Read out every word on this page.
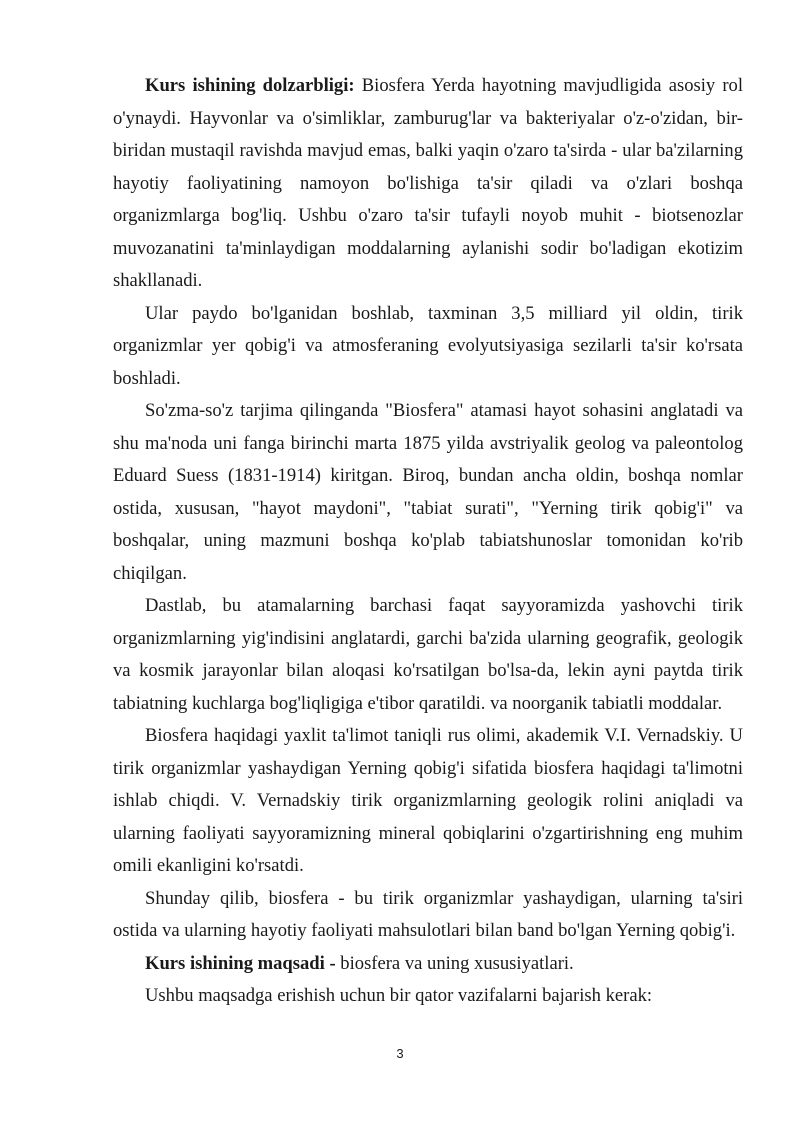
Kurs ishining dolzarbligi: Biosfera Yerda hayotning mavjudligida asosiy rol o'ynaydi. Hayvonlar va o'simliklar, zamburug'lar va bakteriyalar o'z-o'zidan, bir-biridan mustaqil ravishda mavjud emas, balki yaqin o'zaro ta'sirda - ular ba'zilarning hayotiy faoliyatining namoyon bo'lishiga ta'sir qiladi va o'zlari boshqa organizmlarga bog'liq. Ushbu o'zaro ta'sir tufayli noyob muhit - biotsenozlar muvozanatini ta'minlaydigan moddalarning aylanishi sodir bo'ladigan ekotizim shakllanadi.

Ular paydo bo'lganidan boshlab, taxminan 3,5 milliard yil oldin, tirik organizmlar yer qobig'i va atmosferaning evolyutsiyasiga sezilarli ta'sir ko'rsata boshladi.

So'zma-so'z tarjima qilinganda "Biosfera" atamasi hayot sohasini anglatadi va shu ma'noda uni fanga birinchi marta 1875 yilda avstriyalik geolog va paleontolog Eduard Suess (1831-1914) kiritgan. Biroq, bundan ancha oldin, boshqa nomlar ostida, xususan, "hayot maydoni", "tabiat surati", "Yerning tirik qobig'i" va boshqalar, uning mazmuni boshqa ko'plab tabiatshunoslar tomonidan ko'rib chiqilgan.

Dastlab, bu atamalarning barchasi faqat sayyoramizda yashovchi tirik organizmlarning yig'indisini anglatardi, garchi ba'zida ularning geografik, geologik va kosmik jarayonlar bilan aloqasi ko'rsatilgan bo'lsa-da, lekin ayni paytda tirik tabiatning kuchlarga bog'liqligiga e'tibor qaratildi. va noorganik tabiatli moddalar.

Biosfera haqidagi yaxlit ta'limot taniqli rus olimi, akademik V.I. Vernadskiy. U tirik organizmlar yashaydigan Yerning qobig'i sifatida biosfera haqidagi ta'limotni ishlab chiqdi. V. Vernadskiy tirik organizmlarning geologik rolini aniqladi va ularning faoliyati sayyoramizning mineral qobiqlarini o'zgartirishning eng muhim omili ekanligini ko'rsatdi.

Shunday qilib, biosfera - bu tirik organizmlar yashaydigan, ularning ta'siri ostida va ularning hayotiy faoliyati mahsulotlari bilan band bo'lgan Yerning qobig'i.

Kurs ishining maqsadi - biosfera va uning xususiyatlari.

Ushbu maqsadga erishish uchun bir qator vazifalarni bajarish kerak:

3
